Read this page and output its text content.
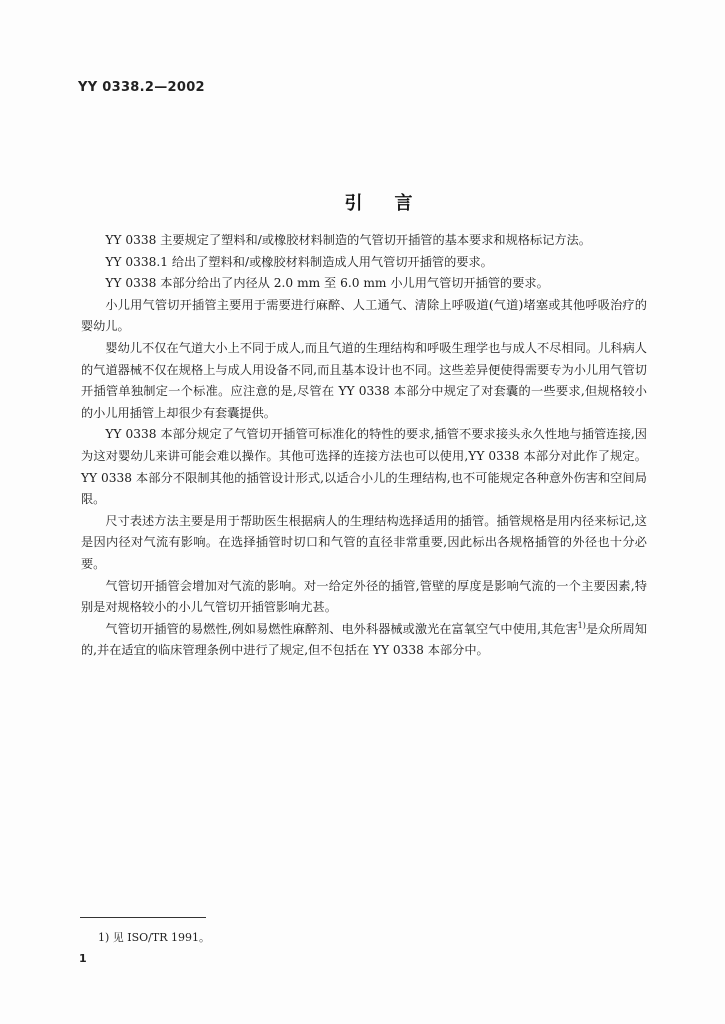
YY 0338.2—2002
引言

YY 0338 主要规定了塑料和/或橡胶材料制造的气管切开插管的基本要求和规格标记方法。

YY 0338.1 给出了塑料和/或橡胶材料制造成人用气管切开插管的要求。

YY 0338 本部分给出了内径从 2.0 mm 至 6.0 mm 小儿用气管切开插管的要求。

小儿用气管切开插管主要用于需要进行麻醉、人工通气、清除上呼吸道(气道)堵塞或其他呼吸治疗的婴幼儿。

婴幼儿不仅在气道大小上不同于成人,而且气道的生理结构和呼吸生理学也与成人不尽相同。儿科病人的气道器械不仅在规格上与成人用设备不同,而且基本设计也不同。这些差异便使得需要专为小儿用气管切开插管单独制定一个标准。应注意的是,尽管在 YY 0338 本部分中规定了对套囊的一些要求,但规格较小的小儿用插管上却很少有套囊提供。

YY 0338 本部分规定了气管切开插管可标准化的特性的要求,插管不要求接头永久性地与插管连接,因为这对婴幼儿来讲可能会难以操作。其他可选择的连接方法也可以使用,YY 0338 本部分对此作了规定。YY 0338 本部分不限制其他的插管设计形式,以适合小儿的生理结构,也不可能规定各种意外伤害和空间局限。

尺寸表述方法主要是用于帮助医生根据病人的生理结构选择适用的插管。插管规格是用内径来标记,这是因内径对气流有影响。在选择插管时切口和气管的直径非常重要,因此标出各规格插管的外径也十分必要。

气管切开插管会增加对气流的影响。对一给定外径的插管,管壁的厚度是影响气流的一个主要因素,特别是对规格较小的小儿气管切开插管影响尤甚。

气管切开插管的易燃性,例如易燃性麻醉剂、电外科器械或激光在富氧空气中使用,其危害$^{1)}$是众所周知的,并在适宜的临床管理条例中进行了规定,但不包括在 YY 0338 本部分中。

1) 见 ISO/TR 1991。
1
